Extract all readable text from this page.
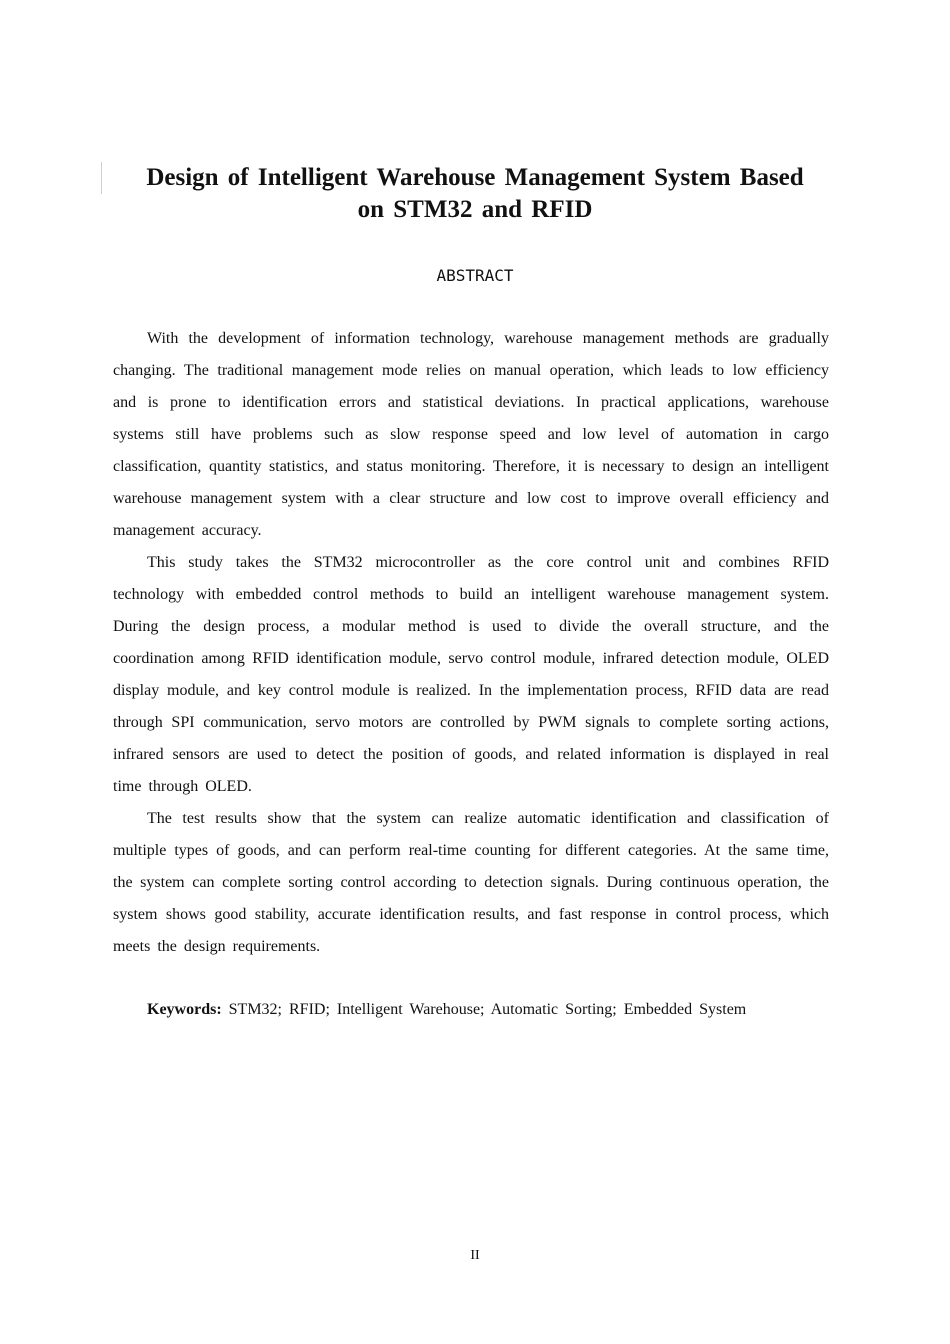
Design of Intelligent Warehouse Management System Based
on STM32 and RFID
ABSTRACT

With the development of information technology, warehouse management methods are gradually changing. The traditional management mode relies on manual operation, which leads to low efficiency and is prone to identification errors and statistical deviations. In practical applications, warehouse systems still have problems such as slow response speed and low level of automation in cargo classification, quantity statistics, and status monitoring. Therefore, it is necessary to design an intelligent warehouse management system with a clear structure and low cost to improve overall efficiency and management accuracy.

This study takes the STM32 microcontroller as the core control unit and combines RFID technology with embedded control methods to build an intelligent warehouse management system. During the design process, a modular method is used to divide the overall structure, and the coordination among RFID identification module, servo control module, infrared detection module, OLED display module, and key control module is realized. In the implementation process, RFID data are read through SPI communication, servo motors are controlled by PWM signals to complete sorting actions, infrared sensors are used to detect the position of goods, and related information is displayed in real time through OLED.

The test results show that the system can realize automatic identification and classification of multiple types of goods, and can perform real-time counting for different categories. At the same time, the system can complete sorting control according to detection signals. During continuous operation, the system shows good stability, accurate identification results, and fast response in control process, which meets the design requirements.

Keywords: STM32; RFID; Intelligent Warehouse; Automatic Sorting; Embedded System
II
